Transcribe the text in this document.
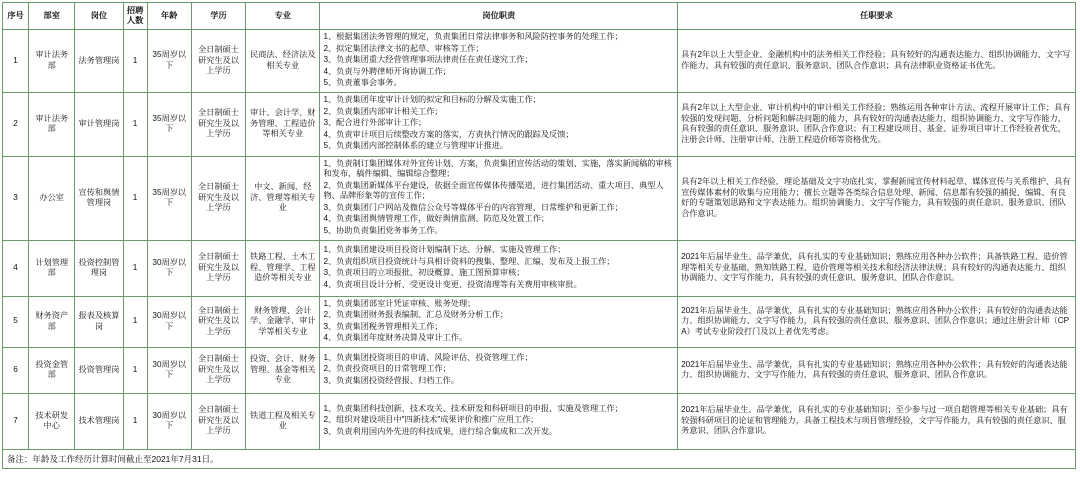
序号	部室	岗位	招聘人数	年龄	学历	专业	岗位职责	任职要求
1	审计法务部	法务管理岗	1	35周岁以下	全日制硕士研究生及以上学历	民商法、经济法及相关专业	
1、根据集团法务管理的规定，负责集团日常法律事务和风险防控事务的处理工作；
2、拟定集团法律文书的起草、审核等工作；
3、负责集团重大经营管理事项法律责任在责任遂究工作；
4、负责与外聘律师开询协调工作；
5、负责董事会事务。
	具有2年以上大型企业、金融机构中的法务相关工作经验；具有较好的沟通表达能力、组织协调能力、文字写作能力，具有较强的责任意识、服务意识、团队合作意识；具有法律职业资格证书优先。
2	审计法务部	审计管理岗	1	35周岁以下	全日制硕士研究生及以上学历	审计、会计学、财务管理、工程造价等相关专业	
1、负责集团年度审计计划的拟定和目标的分解及实施工作；
2、负责集团内部审计相关工作；
3、配合进行外部审计工作；
4、负责审计项目后续整改方案的落实，方责执行情况的跟踪及反馈；
5、负责集团内部控制体系的建立与管理审计推进。
	具有2年以上大型企业、审计机构中的审计相关工作经验；熟练运用各种审计方法、流程开展审计工作；具有较强的发现问题、分析问题和解决问题的能力，具有较好的沟通表达能力、组织协调能力、文字写作能力，具有较强的责任意识、服务意识、团队合作意识；有工程建设项目、基金、证券项目审计工作经验者优先，注册会计师、注册审计师、注册工程造价师等资格优先。
3	办公室	宣传和舆情管理岗	1	35周岁以下	全日制硕士研究生及以上学历	中文、新闻、经济、管理等相关专业	
1、负责制订集团媒体对外宣传计划、方案，负责集团宣传活动的策划、实施，落实新闻稿的审核和发布，稿件编辑、编辑综合整理；
2、负责集团新媒体平台建设，依据全面宣传媒体传播渠道，进行集团活动、重大项目、典型人物、品牌形象等的宣传工作；
3、负责集团门户网站及微信公众号等媒体平台的内容管理、日常维护和更新工作；
4、负责集团舆情管理工作，做好舆情监测、防范及处置工作；
5、协助负责集团党务事务工作。
	具有2年以上相关工作经验，理论基础及文字功底扎实，掌握新闻宣传材料起草、媒体宣传与关系维护、具有宣传媒体素材的收集与应用能力；擅长立题等各类综合信息处理、新闻、信息都有较强的捕捉、编辑、有良好的专题策划思路和文字表达能力。组织协调能力、文字写作能力，具有较强的责任意识、服务意识、团队合作意识。
4	计划管理部	投资控制管理岗	1	30周岁以下	全日制硕士研究生及以上学历	铁路工程、土木工程、管理学、工程造价等相关专业	
1、负责集团建设项目投资计划编制下达、分解、实施及管理工作；
2、负责组织项目投资统计与具相计资料的搜集、整理、汇编、发布及上报工作；
3、负责项目的立项报批、初设概算、施工图预算审核；
4、负责项目设计分析、受更设计变更、投资清理等有关费用审核审批。
	2021年后届毕业生、品学兼优，具有扎实的专业基础知识；熟练应用各种办公软件；具备铁路工程、造价管理等相关专业基础，熟知铁路工程、造价管理等相关技术和经济法律法规；具有较好的沟通表达能力、组织协调能力、文字写作能力，具有较强的责任意识、服务意识、团队合作意识。
5	财务资产部	报表及核算岗	1	30周岁以下	全日制硕士研究生及以上学历	财务管理、会计学、金融学、审计学等相关专业	
1、负责集团部室计凭证审核、账务处理；
2、负责集团财务报表编制、汇总及财务分析工作；
3、负责集团税务管理相关工作；
4、负责集团年度财务决算及审计工作。
	2021年后届毕业生、品学兼优，具有扎实的专业基础知识；熟练应用各种办公软件；具有较好的沟通表达能力、组织协调能力、文字写作能力，具有较强的责任意识、服务意识、团队合作意识；通过注册会计师（CPA）考试专业阶段打门及以上者优先考虑。
6	投资金管部	投资管理岗	1	30周岁以下	全日制硕士研究生及以上学历	投资、会计、财务管理、基金等相关专业	
1、负责集团投资项目的申请、风险评估、投资管理工作；
2、负责投资项目的日常管理工作；
3、负责集团投资经营报、归档工作。
	2021年后届毕业生、品学兼优，具有扎实的专业基础知识；熟练应用各种办公软件；具有较好的沟通表达能力、组织协调能力、文字写作能力，具有较强的责任意识、服务意识、团队合作意识。
7	技术研发中心	技术管理岗	1	30周岁以下	全日制硕士研究生及以上学历	铁道工程及相关专业	
1、负责集团科技创新、技术攻关、技术研发和科研项目的申报、实施及管理工作；
2、组织对建设项目中"四新技术"成果评价和推广应用工作；
3、负责利用国内外先进的科技成果，进行综合集成和二次开发。
	2021年后届毕业生、品学兼优，具有扎实的专业基础知识；至少参与过一项自超管理等相关专业基础；具有较强科研项目的论证和管理能力，具备工程技术与项目管理经验，文字写作能力，具有较强的责任意识、服务意识、团队合作意识。
备注：年龄及工作经历计算时间截止至2021年7月31日。
